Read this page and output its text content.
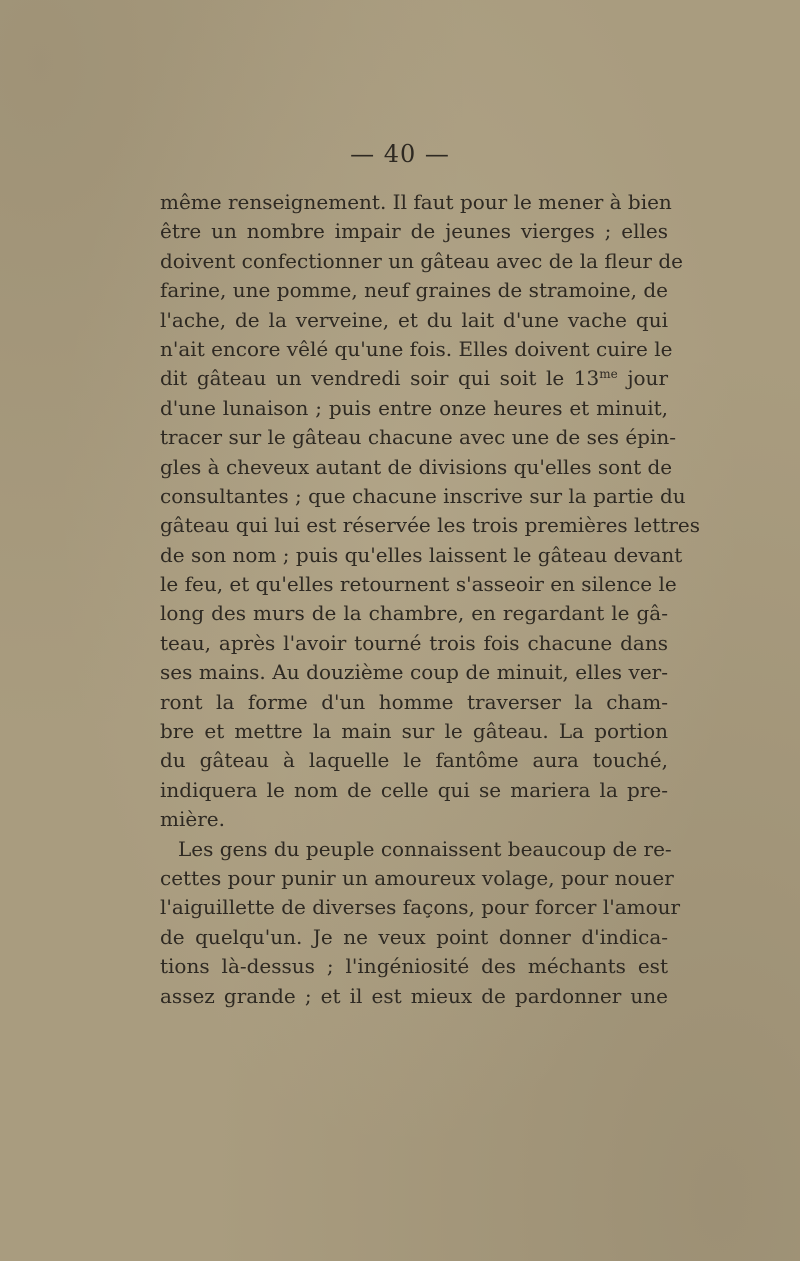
— 40 —
même renseignement. Il faut pour le mener à bien
être un nombre impair de jeunes vierges ; elles
doivent confectionner un gâteau avec de la fleur de
farine, une pomme, neuf graines de stramoine, de
l'ache, de la verveine, et du lait d'une vache qui
n'ait encore vêlé qu'une fois. Elles doivent cuire le
dit gâteau un vendredi soir qui soit le $13^{me}$ jour
d'une lunaison ; puis entre onze heures et minuit,
tracer sur le gâteau chacune avec une de ses épin-
gles à cheveux autant de divisions qu'elles sont de
consultantes ; que chacune inscrive sur la partie du
gâteau qui lui est réservée les trois premières lettres
de son nom ; puis qu'elles laissent le gâteau devant
le feu, et qu'elles retournent s'asseoir en silence le
long des murs de la chambre, en regardant le gâ-
teau, après l'avoir tourné trois fois chacune dans
ses mains. Au douzième coup de minuit, elles ver-
ront la forme d'un homme traverser la cham-
bre et mettre la main sur le gâteau. La portion
du gâteau à laquelle le fantôme aura touché,
indiquera le nom de celle qui se mariera la pre-
mière.
Les gens du peuple connaissent beaucoup de re-
cettes pour punir un amoureux volage, pour nouer
l'aiguillette de diverses façons, pour forcer l'amour
de quelqu'un. Je ne veux point donner d'indica-
tions là-dessus ; l'ingéniosité des méchants est
assez grande ; et il est mieux de pardonner une
